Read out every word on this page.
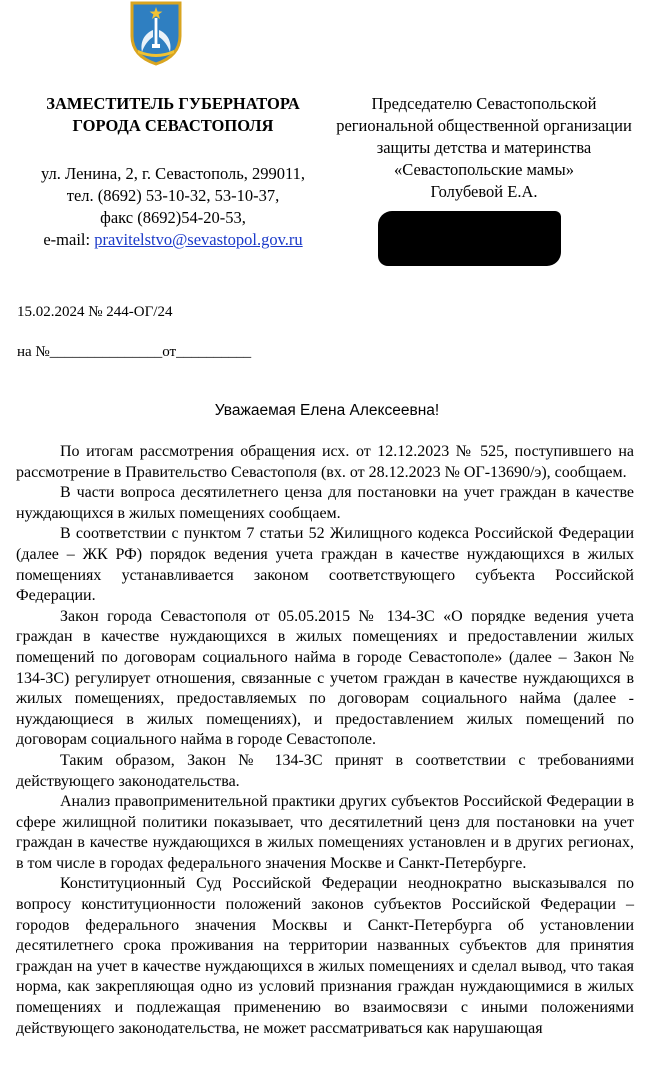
ЗАМЕСТИТЕЛЬ ГУБЕРНАТОРА
ГОРОДА СЕВАСТОПОЛЯ
ул. Ленина, 2, г. Севастополь, 299011,
тел. (8692) 53-10-32, 53-10-37,
факс (8692)54-20-53,
e-mail: pravitelstvo@sevastopol.gov.ru
Председателю Севастопольской
региональной общественной организации
защиты детства и материнства
«Севастопольские мамы»
Голубевой Е.А.
15.02.2024 № 244-ОГ/24
на №_______________от__________
Уважаемая Елена Алексеевна!

По итогам рассмотрения обращения исх. от 12.12.2023 № 525, поступившего на рассмотрение в Правительство Севастополя (вх. от 28.12.2023 № ОГ-13690/э), сообщаем.

В части вопроса десятилетнего ценза для постановки на учет граждан в качестве нуждающихся в жилых помещениях сообщаем.

В соответствии с пунктом 7 статьи 52 Жилищного кодекса Российской Федерации (далее – ЖК РФ) порядок ведения учета граждан в качестве нуждающихся в жилых помещениях устанавливается законом соответствующего субъекта Российской Федерации.

Закон города Севастополя от 05.05.2015 № 134-ЗС «О порядке ведения учета граждан в качестве нуждающихся в жилых помещениях и предоставлении жилых помещений по договорам социального найма в городе Севастополе» (далее – Закон № 134-ЗС) регулирует отношения, связанные с учетом граждан в качестве нуждающихся в жилых помещениях, предоставляемых по договорам социального найма (далее - нуждающиеся в жилых помещениях), и предоставлением жилых помещений по договорам социального найма в городе Севастополе.

Таким образом, Закон № 134-ЗС принят в соответствии с требованиями действующего законодательства.

Анализ правоприменительной практики других субъектов Российской Федерации в сфере жилищной политики показывает, что десятилетний ценз для постановки на учет граждан в качестве нуждающихся в жилых помещениях установлен и в других регионах, в том числе в городах федерального значения Москве и Санкт-Петербурге.

Конституционный Суд Российской Федерации неоднократно высказывался по вопросу конституционности положений законов субъектов Российской Федерации – городов федерального значения Москвы и Санкт-Петербурга об установлении десятилетнего срока проживания на территории названных субъектов для принятия граждан на учет в качестве нуждающихся в жилых помещениях и сделал вывод, что такая норма, как закрепляющая одно из условий признания граждан нуждающимися в жилых помещениях и подлежащая применению во взаимосвязи с иными положениями действующего законодательства, не может рассматриваться как нарушающая
